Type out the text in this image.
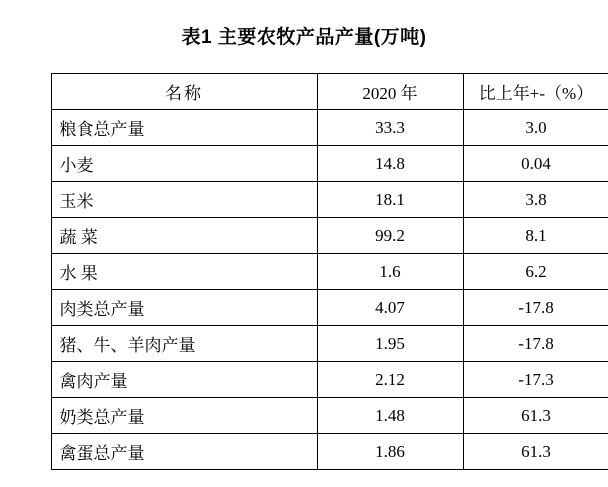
表1 主要农牧产品产量(万吨)
名称	2020 年	比上年+-（%）
粮食总产量	33.3	3.0
小麦	14.8	0.04
玉米	18.1	3.8
蔬 菜	99.2	8.1
水 果	1.6	6.2
肉类总产量	4.07	-17.8
猪、牛、羊肉产量	1.95	-17.8
禽肉产量	2.12	-17.3
奶类总产量	1.48	61.3
禽蛋总产量	1.86	61.3
